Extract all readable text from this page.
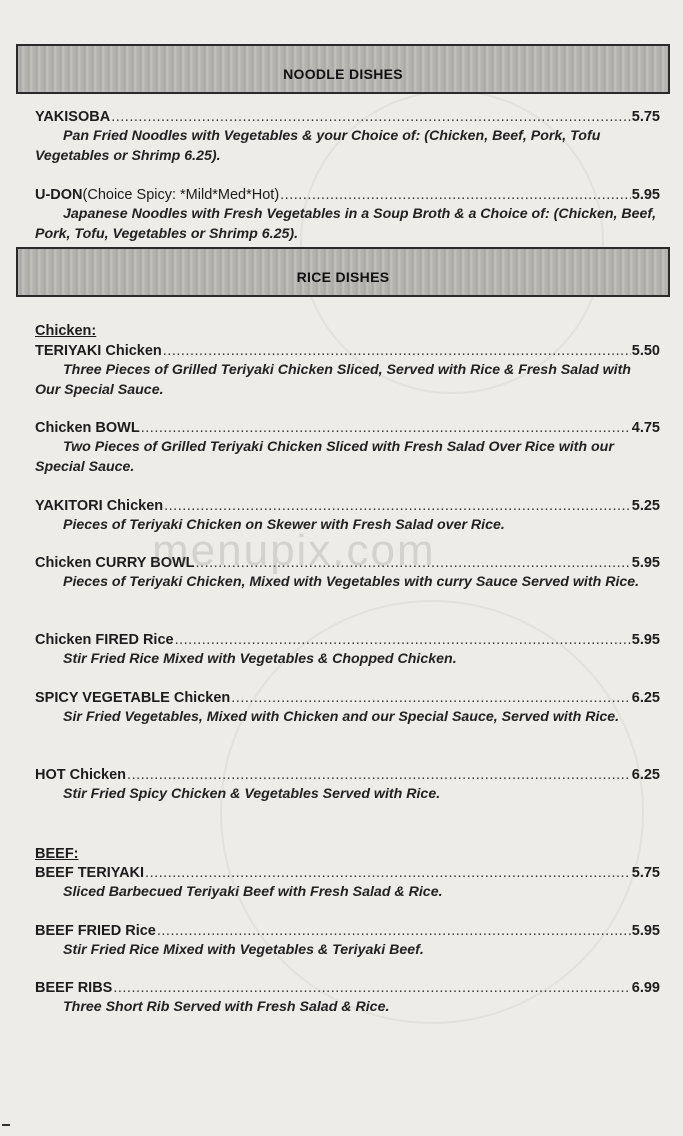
NOODLE DISHES
YAKISOBA .....	5.75
Pan Fried Noodles with Vegetables & your Choice of: (Chicken, Beef, Pork, Tofu Vegetables or Shrimp 6.25).
U-DON (Choice Spicy: *Mild*Med*Hot) .....	5.95
Japanese Noodles with Fresh Vegetables in a Soup Broth & a Choice of: (Chicken, Beef, Pork, Tofu, Vegetables or Shrimp 6.25).
RICE DISHES
Chicken:
TERIYAKI Chicken .....	5.50
Three Pieces of Grilled Teriyaki Chicken Sliced, Served with Rice & Fresh Salad with Our Special Sauce.
Chicken BOWL .....	4.75
Two Pieces of Grilled Teriyaki Chicken Sliced with Fresh Salad Over Rice with our Special Sauce.
YAKITORI Chicken .....	5.25
Pieces of Teriyaki Chicken on Skewer with Fresh Salad over Rice.
Chicken CURRY BOWL .....	5.95
Pieces of Teriyaki Chicken, Mixed with Vegetables with curry Sauce Served with Rice.
Chicken FIRED Rice .....	5.95
Stir Fried Rice Mixed with Vegetables & Chopped Chicken.
SPICY VEGETABLE Chicken .....	6.25
Sir Fried Vegetables, Mixed with Chicken and our Special Sauce, Served with Rice.
HOT Chicken .....	6.25
Stir Fried Spicy Chicken & Vegetables Served with Rice.
BEEF:
BEEF TERIYAKI .....	5.75
Sliced Barbecued Teriyaki Beef with Fresh Salad & Rice.
BEEF FRIED Rice .....	5.95
Stir Fried Rice Mixed with Vegetables & Teriyaki Beef.
BEEF RIBS .....	6.99
Three Short Rib Served with Fresh Salad & Rice.
menupix.com
